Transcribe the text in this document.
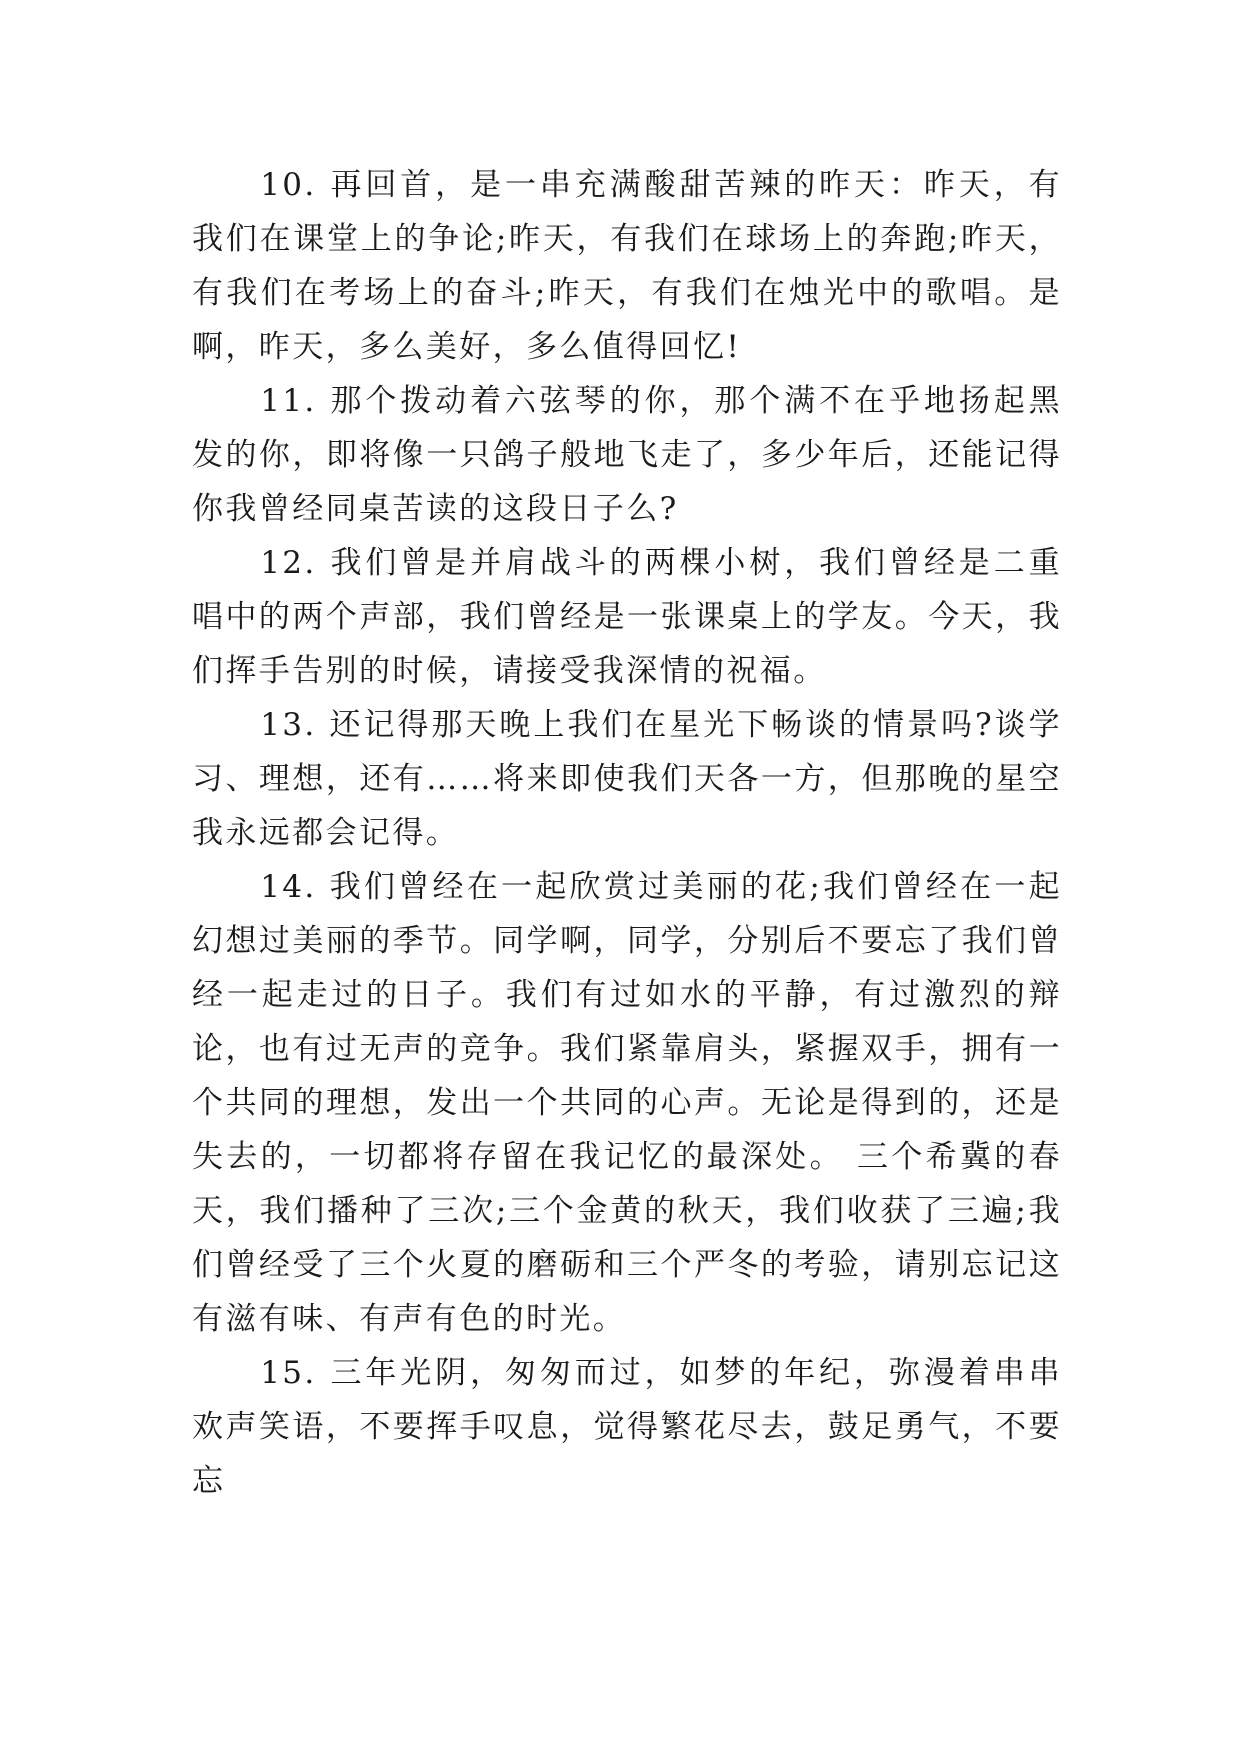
10. 再回首，是一串充满酸甜苦辣的昨天：昨天，有我们在课堂上的争论;昨天，有我们在球场上的奔跑;昨天，有我们在考场上的奋斗;昨天，有我们在烛光中的歌唱。是啊，昨天，多么美好，多么值得回忆!

11. 那个拨动着六弦琴的你，那个满不在乎地扬起黑发的你，即将像一只鸽子般地飞走了，多少年后，还能记得你我曾经同桌苦读的这段日子么?

12. 我们曾是并肩战斗的两棵小树，我们曾经是二重唱中的两个声部，我们曾经是一张课桌上的学友。今天，我们挥手告别的时候，请接受我深情的祝福。

13. 还记得那天晚上我们在星光下畅谈的情景吗?谈学习、理想，还有……将来即使我们天各一方，但那晚的星空我永远都会记得。

14. 我们曾经在一起欣赏过美丽的花;我们曾经在一起幻想过美丽的季节。同学啊，同学，分别后不要忘了我们曾经一起走过的日子。我们有过如水的平静，有过激烈的辩论，也有过无声的竞争。我们紧靠肩头，紧握双手，拥有一个共同的理想，发出一个共同的心声。无论是得到的，还是失去的，一切都将存留在我记忆的最深处。 三个希冀的春天，我们播种了三次;三个金黄的秋天，我们收获了三遍;我们曾经受了三个火夏的磨砺和三个严冬的考验，请别忘记这有滋有味、有声有色的时光。

15. 三年光阴，匆匆而过，如梦的年纪，弥漫着串串欢声笑语，不要挥手叹息，觉得繁花尽去，鼓足勇气，不要忘
